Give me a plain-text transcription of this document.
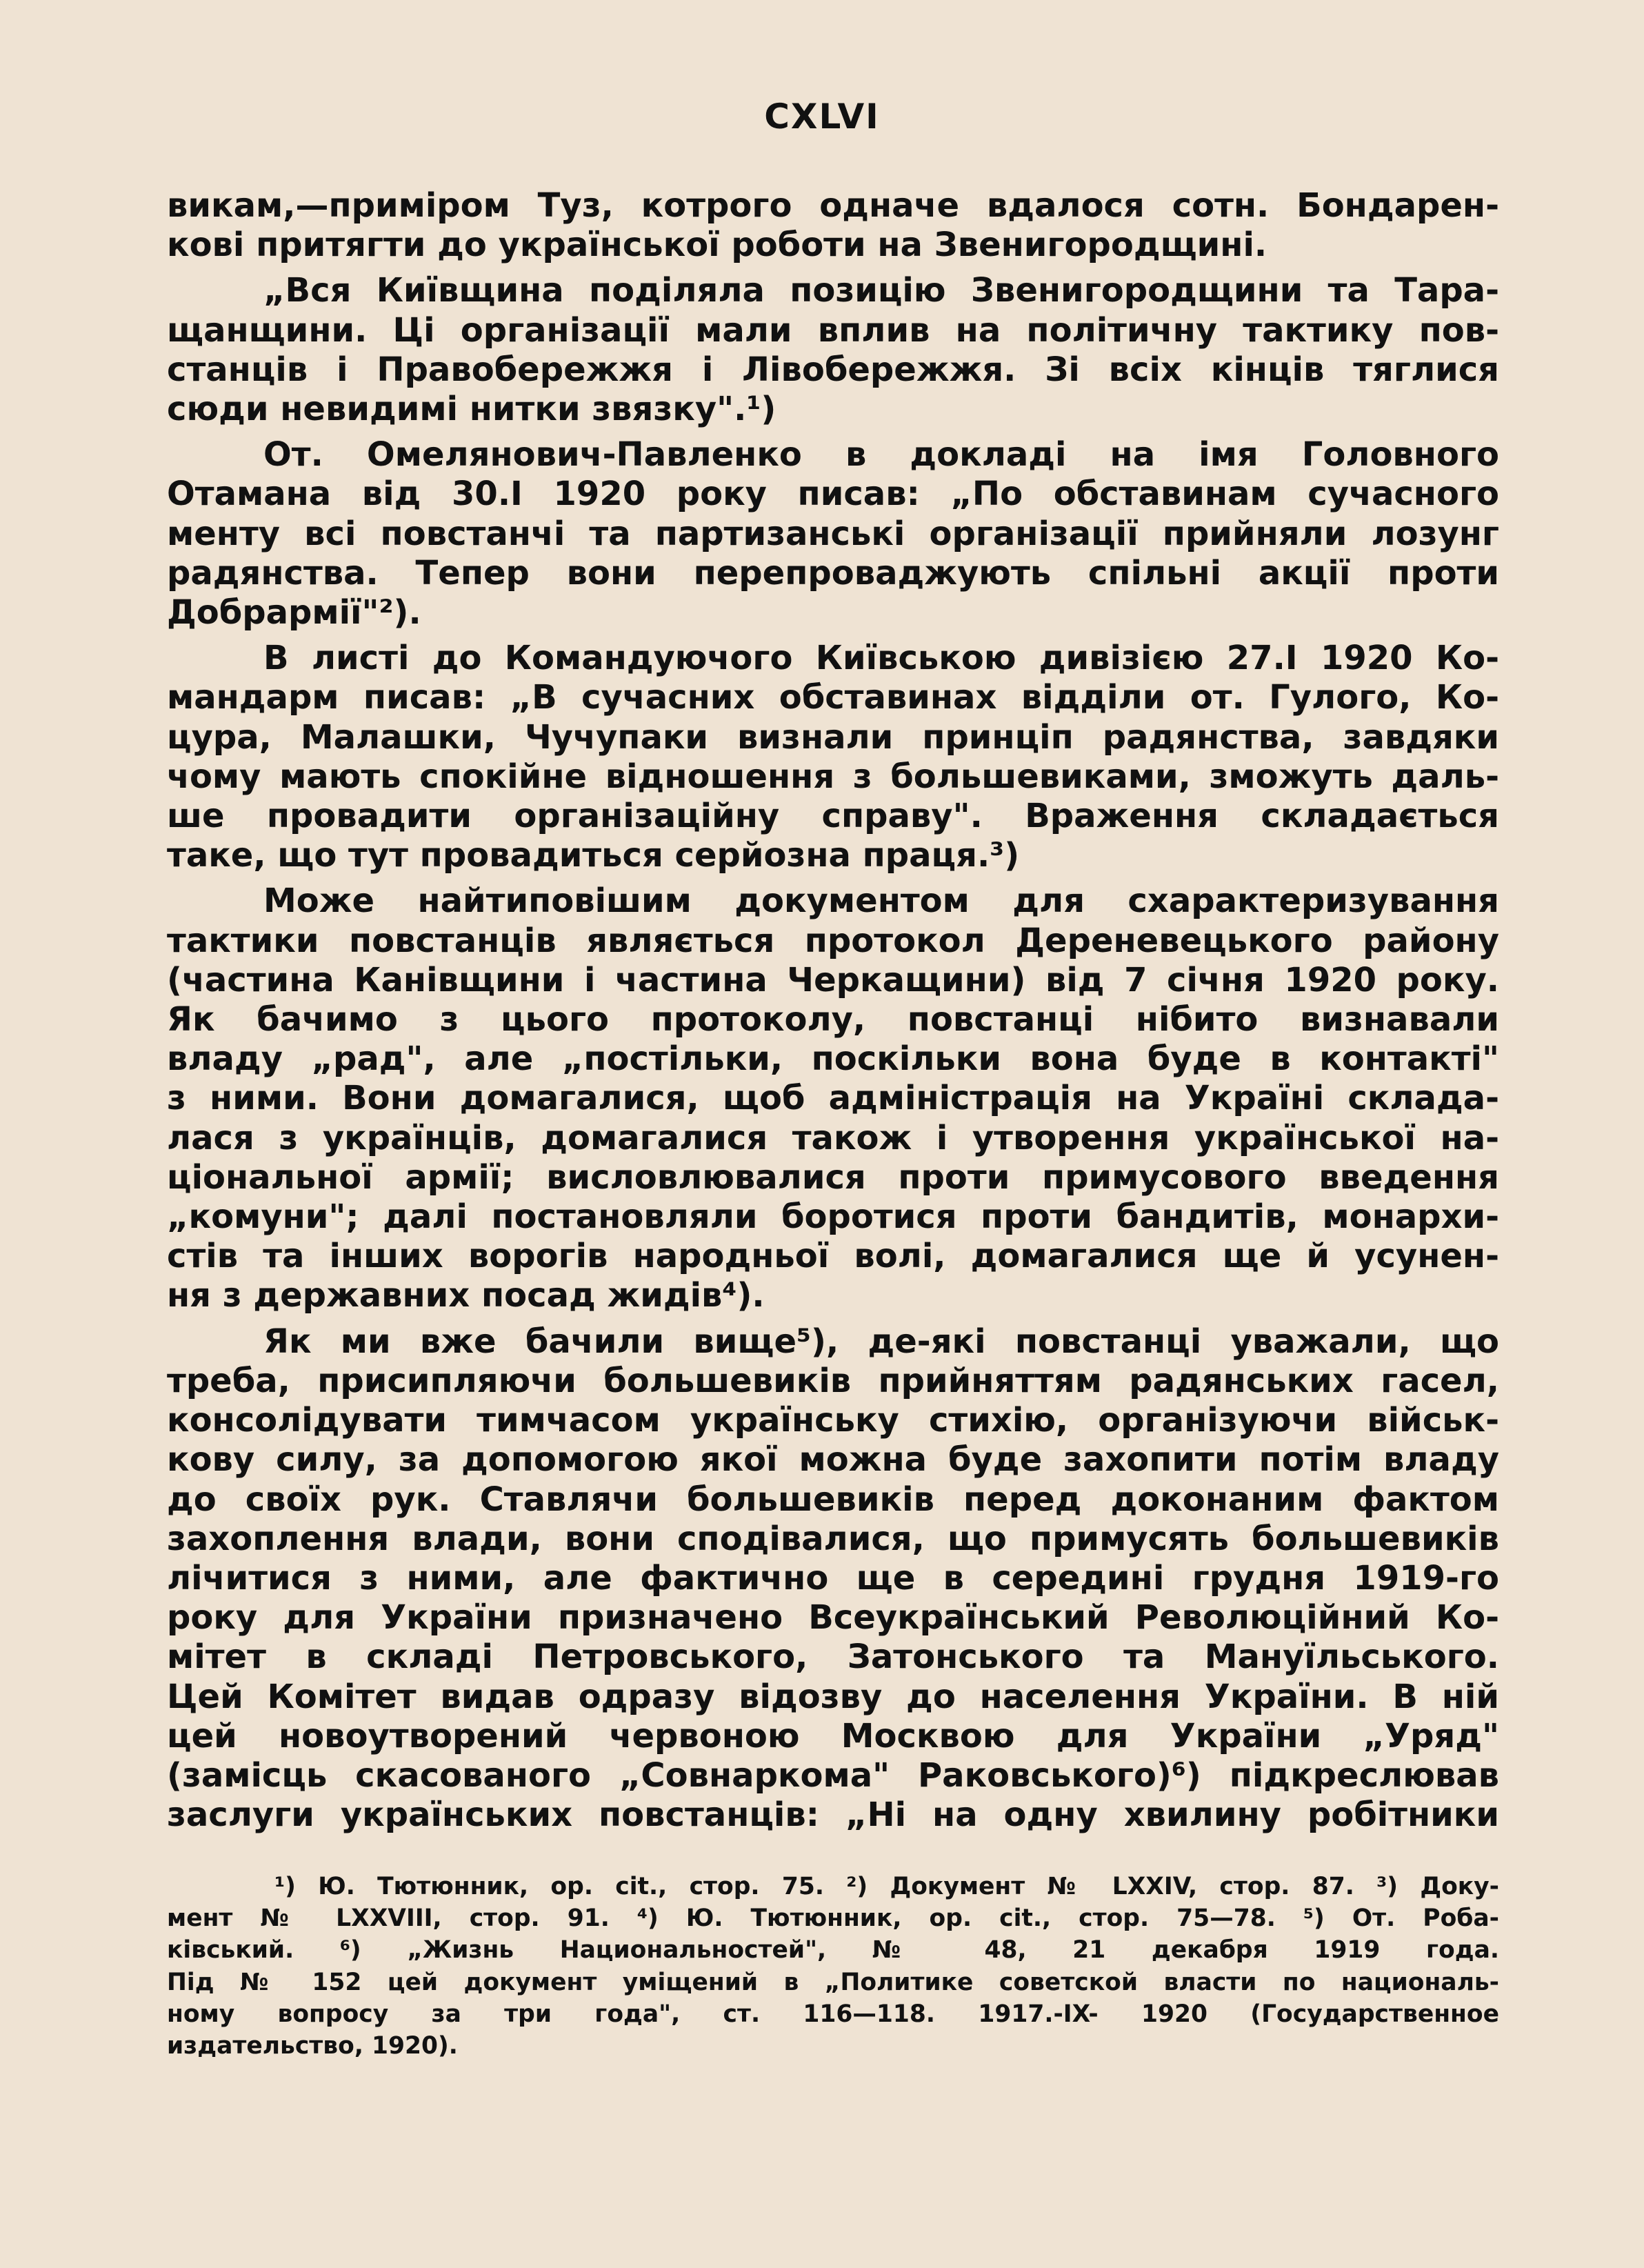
CXLVI
викам,—приміром Туз, котрого одначе вдалося сотн. Бондарен-
кові притягти до української роботи на Звенигородщині.
„Вся Київщина поділяла позицію Звенигородщини та Тара-
щанщини. Ці організації мали вплив на політичну тактику пов-
станців і Правобережжя і Лівобережжя. Зі всіх кінців тяглися
сюди невидимі нитки звязку".¹)
От. Омелянович-Павленко в докладі на імя Головного
Отамана від 30.I 1920 року писав: „По обставинам сучасного
менту всі повстанчі та партизанські організації прийняли лозунг
радянства. Тепер вони перепроваджують спільні акції проти
Добрармії"²).
В листі до Командуючого Київською дивізією 27.I 1920 Ко-
мандарм писав: „В сучасних обставинах відділи от. Гулого, Ко-
цура, Малашки, Чучупаки визнали принціп радянства, завдяки
чому мають спокійне відношення з большевиками, зможуть даль-
ше провадити організаційну справу". Враження складається
таке, що тут провадиться серйозна праця.³)
Може найтиповішим документом для схарактеризування
тактики повстанців являється протокол Дереневецького району
(частина Канівщини і частина Черкащини) від 7 січня 1920 року.
Як бачимо з цього протоколу, повстанці нібито визнавали
владу „рад", але „постільки, поскільки вона буде в контакті"
з ними. Вони домагалися, щоб адміністрація на Україні склада-
лася з українців, домагалися також і утворення української на-
ціональної армії; висловлювалися проти примусового введення
„комуни"; далі постановляли боротися проти бандитів, монархи-
стів та інших ворогів народньої волі, домагалися ще й усунен-
ня з державних посад жидів⁴).
Як ми вже бачили вище⁵), де-які повстанці уважали, що
треба, присипляючи большевиків прийняттям радянських гасел,
консолідувати тимчасом українську стихію, організуючи військ-
кову силу, за допомогою якої можна буде захопити потім владу
до своїх рук. Ставлячи большевиків перед доконаним фактом
захоплення влади, вони сподівалися, що примусять большевиків
лічитися з ними, але фактично ще в середині грудня 1919-го
року для України призначено Всеукраїнський Революційний Ко-
мітет в складі Петровського, Затонського та Мануїльського.
Цей Комітет видав одразу відозву до населення України. В ній
цей новоутворений червоною Москвою для України „Уряд"
(замісць скасованого „Совнаркома" Раковського)⁶) підкреслював
заслуги українських повстанців: „Ні на одну хвилину робітники
¹) Ю. Тютюнник, op. cit., стор. 75. ²) Документ № LXXIV, стор. 87. ³) Доку-
мент № LXXVIII, стор. 91. ⁴) Ю. Тютюнник, op. cit., стор. 75—78. ⁵) От. Роба-
ківський. ⁶) „Жизнь Национальностей", № 48, 21 декабря 1919 года.
Під № 152 цей документ уміщений в „Политике советской власти по националь-
ному вопросу за три года", ст. 116—118. 1917.-IX- 1920 (Государственное
издательство, 1920).
